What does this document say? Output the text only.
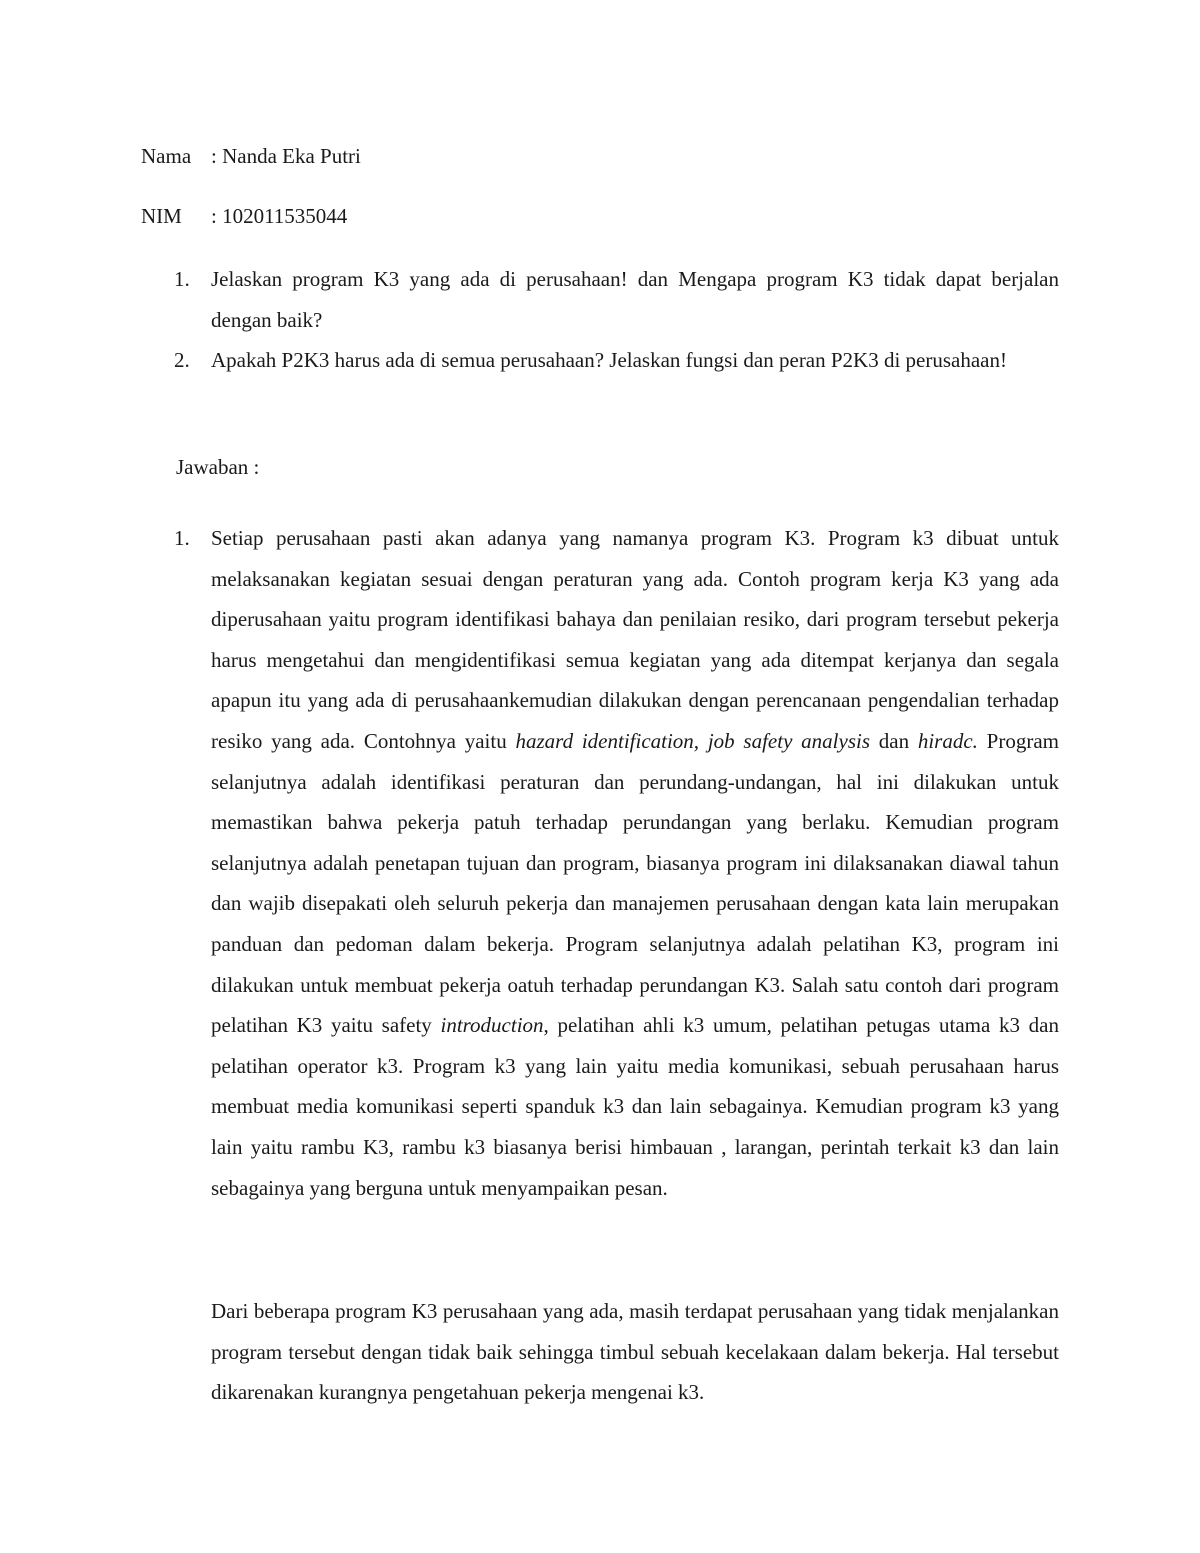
Nama : Nanda Eka Putri
NIM : 102011535044
1. Jelaskan program K3 yang ada di perusahaan! dan Mengapa program K3 tidak dapat berjalan dengan baik?
2. Apakah P2K3 harus ada di semua perusahaan? Jelaskan fungsi dan peran P2K3 di perusahaan!
Jawaban :
1. Setiap perusahaan pasti akan adanya yang namanya program K3. Program k3 dibuat untuk melaksanakan kegiatan sesuai dengan peraturan yang ada. Contoh program kerja K3 yang ada diperusahaan yaitu program identifikasi bahaya dan penilaian resiko, dari program tersebut pekerja harus mengetahui dan mengidentifikasi semua kegiatan yang ada ditempat kerjanya dan segala apapun itu yang ada di perusahaankemudian dilakukan dengan perencanaan pengendalian terhadap resiko yang ada. Contohnya yaitu hazard identification, job safety analysis dan hiradc. Program selanjutnya adalah identifikasi peraturan dan perundang-undangan, hal ini dilakukan untuk memastikan bahwa pekerja patuh terhadap perundangan yang berlaku. Kemudian program selanjutnya adalah penetapan tujuan dan program, biasanya program ini dilaksanakan diawal tahun dan wajib disepakati oleh seluruh pekerja dan manajemen perusahaan dengan kata lain merupakan panduan dan pedoman dalam bekerja. Program selanjutnya adalah pelatihan K3, program ini dilakukan untuk membuat pekerja oatuh terhadap perundangan K3. Salah satu contoh dari program pelatihan K3 yaitu safety introduction, pelatihan ahli k3 umum, pelatihan petugas utama k3 dan pelatihan operator k3. Program k3 yang lain yaitu media komunikasi, sebuah perusahaan harus membuat media komunikasi seperti spanduk k3 dan lain sebagainya. Kemudian program k3 yang lain yaitu rambu K3, rambu k3 biasanya berisi himbauan , larangan, perintah terkait k3 dan lain sebagainya yang berguna untuk menyampaikan pesan.
Dari beberapa program K3 perusahaan yang ada, masih terdapat perusahaan yang tidak menjalankan program tersebut dengan tidak baik sehingga timbul sebuah kecelakaan dalam bekerja. Hal tersebut dikarenakan kurangnya pengetahuan pekerja mengenai k3.
